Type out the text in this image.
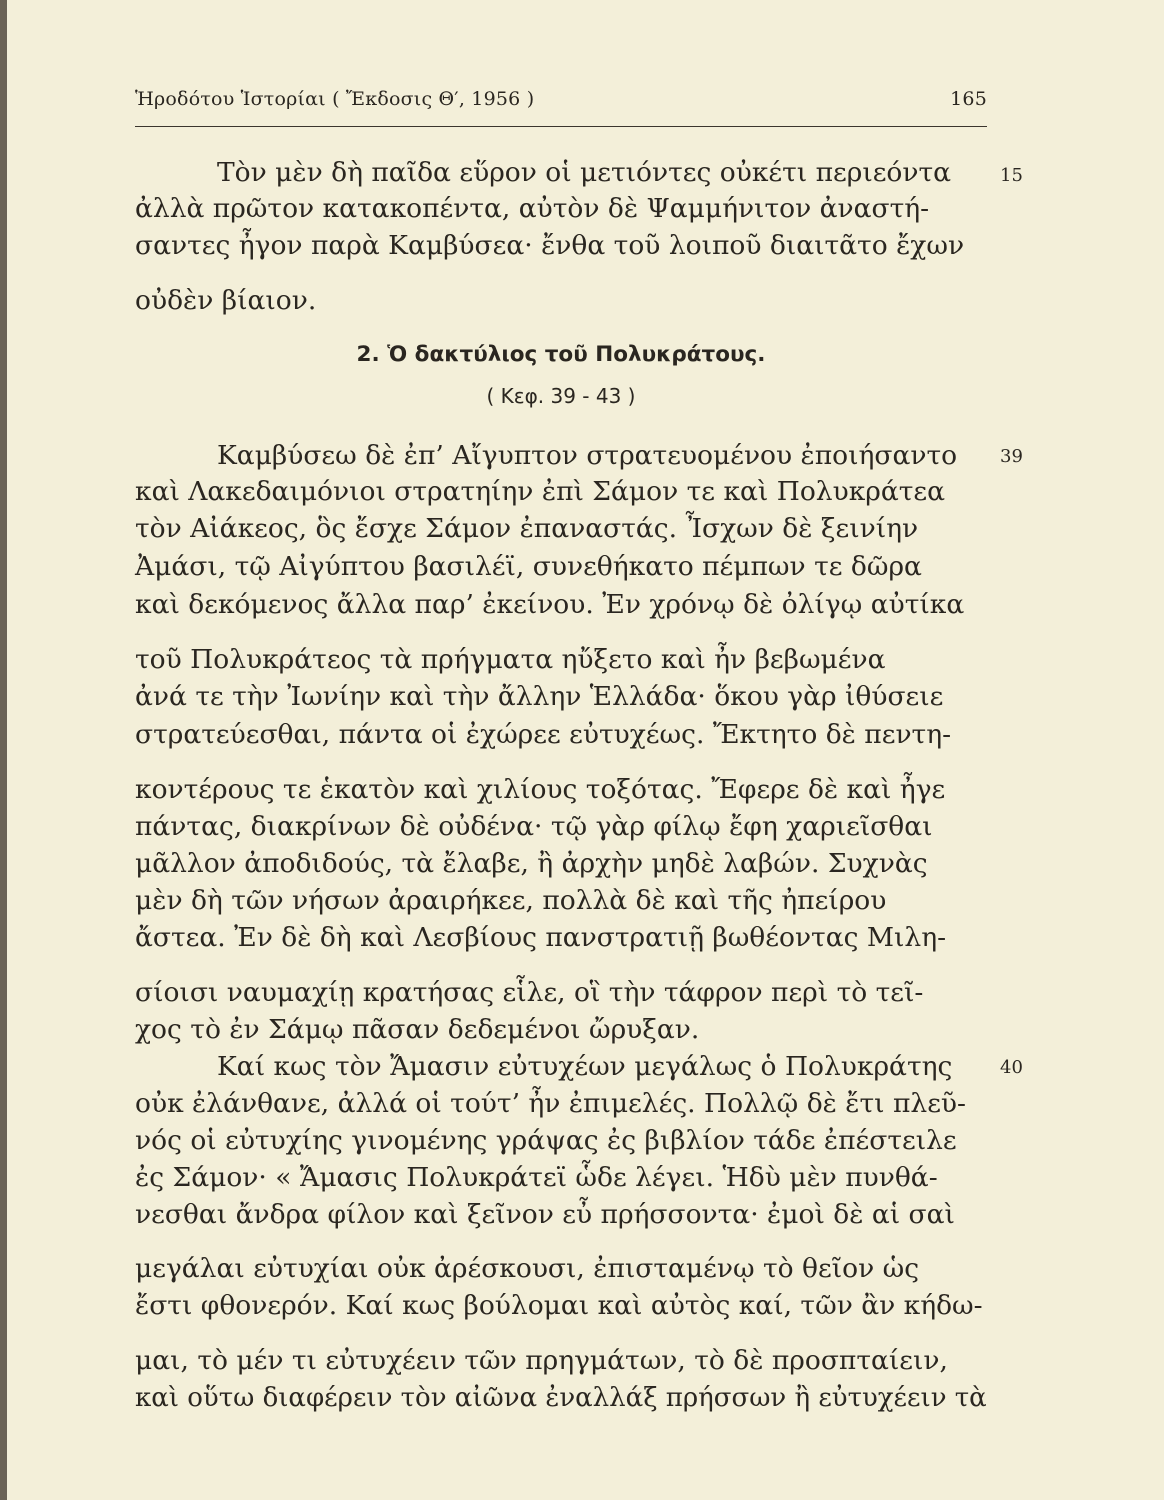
Ἡροδότου Ἱστορίαι ( Ἔκδοσις Θ′, 1956 )	165
Τὸν μὲν δὴ παῖδα εὕρον οἱ μετιόντες οὐκέτι περιεόντα
ἀλλὰ πρῶτον κατακοπέντα, αὐτὸν δὲ Ψαμμήνιτον ἀναστή-
σαντες ἦγον παρὰ Καμβύσεα· ἔνθα τοῦ λοιποῦ διαιτᾶτο ἔχων
οὐδὲν βίαιον.
15
2. Ὁ δακτύλιος τοῦ Πολυκράτους.
( Κεφ. 39 - 43 )
Καμβύσεω δὲ ἐπ’ Αἴγυπτον στρατευομένου ἐποιήσαντο
καὶ Λακεδαιμόνιοι στρατηίην ἐπὶ Σάμον τε καὶ Πολυκράτεα
τὸν Αἰάκεος, ὃς ἔσχε Σάμον ἐπαναστάς. Ἶσχων δὲ ξεινίην
Ἀμάσι, τῷ Αἰγύπτου βασιλέϊ, συνεθήκατο πέμπων τε δῶρα
καὶ δεκόμενος ἄλλα παρ’ ἐκείνου. Ἐν χρόνῳ δὲ ὀλίγῳ αὐτίκα
τοῦ Πολυκράτεος τὰ πρήγματα ηὔξετο καὶ ἦν βεβωμένα
ἀνά τε τὴν Ἰωνίην καὶ τὴν ἄλλην Ἑλλάδα· ὅκου γὰρ ἰθύσειε
στρατεύεσθαι, πάντα οἱ ἐχώρεε εὐτυχέως. Ἔκτητο δὲ πεντη-
κοντέρους τε ἑκατὸν καὶ χιλίους τοξότας. Ἔφερε δὲ καὶ ἦγε
πάντας, διακρίνων δὲ οὐδένα· τῷ γὰρ φίλῳ ἔφη χαριεῖσθαι
μᾶλλον ἀποδιδούς, τὰ ἔλαβε, ἢ ἀρχὴν μηδὲ λαβών. Συχνὰς
μὲν δὴ τῶν νήσων ἀραιρήκεε, πολλὰ δὲ καὶ τῆς ἠπείρου
ἄστεα. Ἐν δὲ δὴ καὶ Λεσβίους πανστρατιῇ βωθέοντας Μιλη-
σίοισι ναυμαχίῃ κρατήσας εἷλε, οἳ τὴν τάφρον περὶ τὸ τεῖ-
χος τὸ ἐν Σάμῳ πᾶσαν δεδεμένοι ὤρυξαν.
39
Καί κως τὸν Ἄμασιν εὐτυχέων μεγάλως ὁ Πολυκράτης
οὐκ ἐλάνθανε, ἀλλά οἱ τούτ’ ἦν ἐπιμελές. Πολλῷ δὲ ἔτι πλεῦ-
νός οἱ εὐτυχίης γινομένης γράψας ἐς βιβλίον τάδε ἐπέστειλε
ἐς Σάμον· « Ἄμασις Πολυκράτεϊ ὧδε λέγει. Ἡδὺ μὲν πυνθά-
νεσθαι ἄνδρα φίλον καὶ ξεῖνον εὖ πρήσσοντα· ἐμοὶ δὲ αἱ σαὶ
μεγάλαι εὐτυχίαι οὐκ ἀρέσκουσι, ἐπισταμένῳ τὸ θεῖον ὡς
ἔστι φθονερόν. Καί κως βούλομαι καὶ αὐτὸς καί, τῶν ἂν κήδω-
μαι, τὸ μέν τι εὐτυχέειν τῶν πρηγμάτων, τὸ δὲ προσπταίειν,
καὶ οὕτω διαφέρειν τὸν αἰῶνα ἐναλλάξ πρήσσων ἢ εὐτυχέειν τὰ
40
